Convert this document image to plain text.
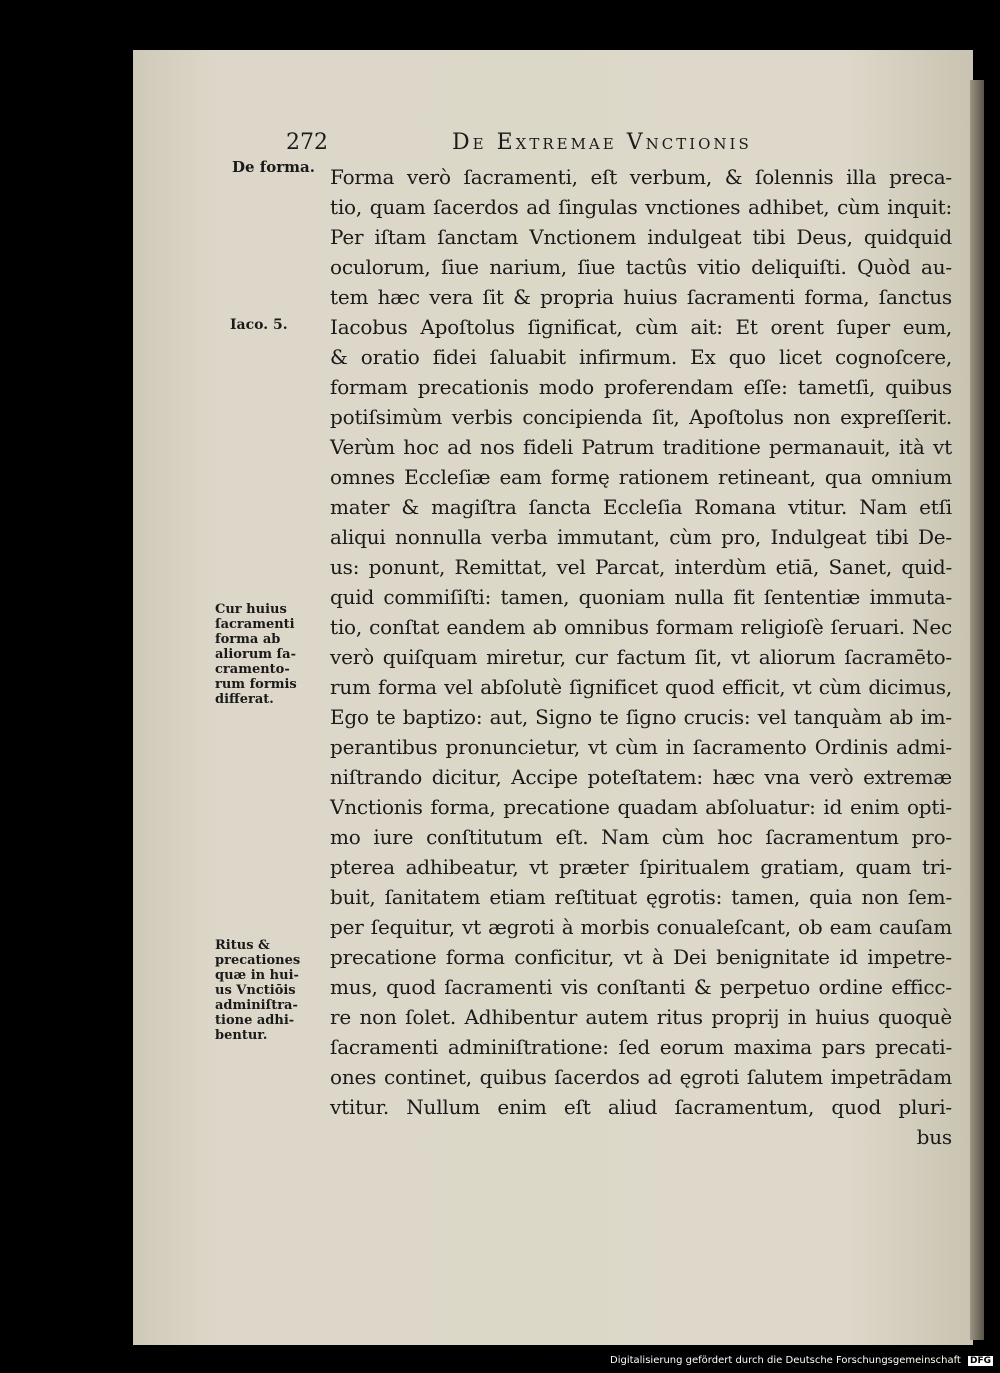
272	De Extremae Vnctionis
De forma.
Iaco. 5.
Cur huius
ſacramenti
forma ab
aliorum ſa-
cramento-
rum formis
differat.
Ritus &
precationes
quæ in hui-
us Vnctiōis
adminiſtra-
tione adhi-
bentur.
Forma verò ſacramenti, eſt verbum, & ſolennis illa preca-
tio, quam ſacerdos ad ſingulas vnctiones adhibet, cùm inquit:
Per iſtam ſanctam Vnctionem indulgeat tibi Deus, quidquid
oculorum, ſiue narium, ſiue tactûs vitio deliquiſti. Quòd au-
tem hæc vera ſit & propria huius ſacramenti forma, ſanctus
Iacobus Apoſtolus ſignificat, cùm ait: Et orent ſuper eum,
& oratio fidei ſaluabit infirmum. Ex quo licet cognoſcere,
formam precationis modo proferendam eſſe: tametſi, quibus
potiſsimùm verbis concipienda ſit, Apoſtolus non expreſſerit.
Verùm hoc ad nos fideli Patrum traditione permanauit, ità vt
omnes Eccleſiæ eam formę rationem retineant, qua omnium
mater & magiſtra ſancta Eccleſia Romana vtitur. Nam etſi
aliqui nonnulla verba immutant, cùm pro, Indulgeat tibi De-
us: ponunt, Remittat, vel Parcat, interdùm etiā, Sanet, quid-
quid commiſiſti: tamen, quoniam nulla fit ſententiæ immuta-
tio, conſtat eandem ab omnibus formam religioſè ſeruari. Nec
verò quiſquam miretur, cur factum ſit, vt aliorum ſacramēto-
rum forma vel abſolutè ſignificet quod efficit, vt cùm dicimus,
Ego te baptizo: aut, Signo te ſigno crucis: vel tanquàm ab im-
perantibus pronuncietur, vt cùm in ſacramento Ordinis admi-
niſtrando dicitur, Accipe poteſtatem: hæc vna verò extremæ
Vnctionis forma, precatione quadam abſoluatur: id enim opti-
mo iure conſtitutum eſt. Nam cùm hoc ſacramentum pro-
pterea adhibeatur, vt præter ſpiritualem gratiam, quam tri-
buit, ſanitatem etiam reſtituat ęgrotis: tamen, quia non ſem-
per ſequitur, vt ægroti à morbis conualeſcant, ob eam cauſam
precatione forma conficitur, vt à Dei benignitate id impetre-
mus, quod ſacramenti vis conſtanti & perpetuo ordine efficc-
re non ſolet. Adhibentur autem ritus proprij in huius quoquè
ſacramenti adminiſtratione: ſed eorum maxima pars precati-
ones continet, quibus ſacerdos ad ęgroti ſalutem impetrādam
vtitur. Nullum enim eſt aliud ſacramentum, quod pluri-
bus
Digitalisierung gefördert durch die Deutsche Forschungsgemeinschaft DFG
